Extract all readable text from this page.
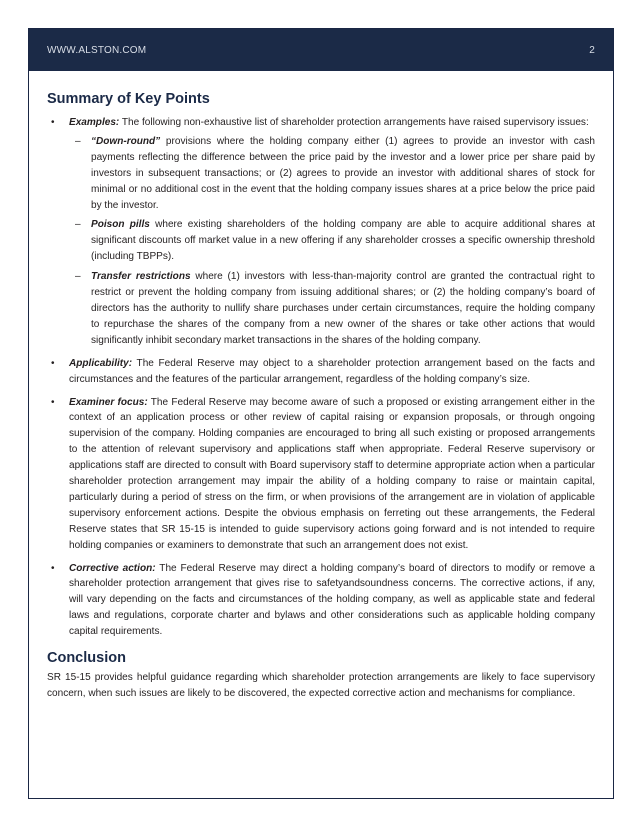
WWW.ALSTON.COM	2
Summary of Key Points
• Examples: The following non-exhaustive list of shareholder protection arrangements have raised supervisory issues:
– “Down-round” provisions where the holding company either (1) agrees to provide an investor with cash payments reflecting the difference between the price paid by the investor and a lower price per share paid by investors in subsequent transactions; or (2) agrees to provide an investor with additional shares of stock for minimal or no additional cost in the event that the holding company issues shares at a price below the price paid by the investor.
– Poison pills where existing shareholders of the holding company are able to acquire additional shares at significant discounts off market value in a new offering if any shareholder crosses a specific ownership threshold (including TBPPs).
– Transfer restrictions where (1) investors with less-than-majority control are granted the contractual right to restrict or prevent the holding company from issuing additional shares; or (2) the holding company’s board of directors has the authority to nullify share purchases under certain circumstances, require the holding company to repurchase the shares of the company from a new owner of the shares or take other actions that would significantly inhibit secondary market transactions in the shares of the holding company.
• Applicability: The Federal Reserve may object to a shareholder protection arrangement based on the facts and circumstances and the features of the particular arrangement, regardless of the holding company’s size.
• Examiner focus: The Federal Reserve may become aware of such a proposed or existing arrangement either in the context of an application process or other review of capital raising or expansion proposals, or through ongoing supervision of the company. Holding companies are encouraged to bring all such existing or proposed arrangements to the attention of relevant supervisory and applications staff when appropriate. Federal Reserve supervisory or applications staff are directed to consult with Board supervisory staff to determine appropriate action when a particular shareholder protection arrangement may impair the ability of a holding company to raise or maintain capital, particularly during a period of stress on the firm, or when provisions of the arrangement are in violation of applicable supervisory enforcement actions. Despite the obvious emphasis on ferreting out these arrangements, the Federal Reserve states that SR 15-15 is intended to guide supervisory actions going forward and is not intended to require holding companies or examiners to demonstrate that such an arrangement does not exist.
• Corrective action: The Federal Reserve may direct a holding company’s board of directors to modify or remove a shareholder protection arrangement that gives rise to safetyandsoundness concerns. The corrective actions, if any, will vary depending on the facts and circumstances of the holding company, as well as applicable state and federal laws and regulations, corporate charter and bylaws and other considerations such as applicable holding company capital requirements.
Conclusion

SR 15-15 provides helpful guidance regarding which shareholder protection arrangements are likely to face supervisory concern, when such issues are likely to be discovered, the expected corrective action and mechanisms for compliance.
